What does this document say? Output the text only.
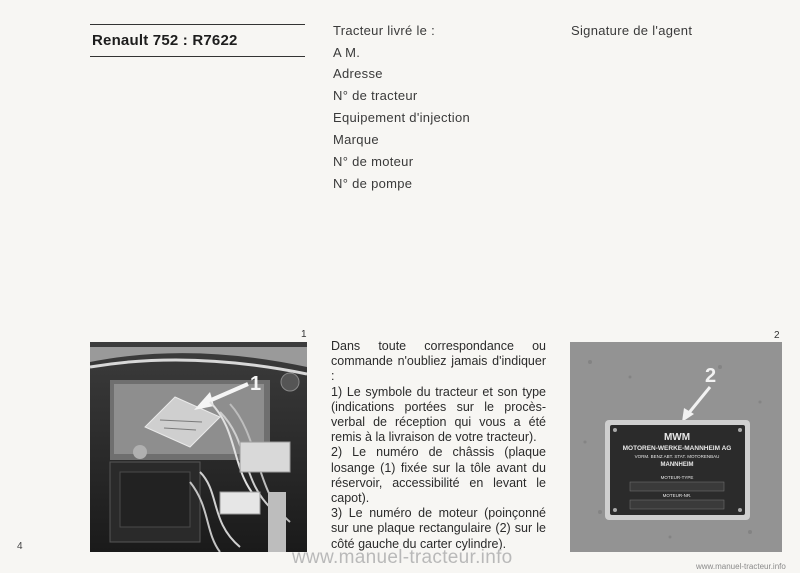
Renault 752 : R7622
Tracteur livré le :
A M.
Adresse
N° de tracteur
Equipement d'injection
Marque
N° de moteur
N° de pompe
Signature de l'agent
1
1

Dans toute correspondance ou commande n'oubliez jamais d'indiquer :

1) Le symbole du tracteur et son type (indications portées sur le procès-verbal de réception qui vous a été remis à la livraison de votre tracteur).

2) Le numéro de châssis (plaque losange (1) fixée sur la tôle avant du réservoir, accessibilité en levant le capot).

3) Le numéro de moteur (poinçonné sur une plaque rectangulaire (2) sur le côté gauche du carter cylindre).

2
2
MWM
MOTOREN-WERKE-MANNHEIM AG
VORM. BENZ ABT. STAT. MOTORENBAU
MANNHEIM
MOTEUR-TYPE
MOTEUR-NR.
4
www.manuel-tracteur.info	www.manuel-tracteur.info
